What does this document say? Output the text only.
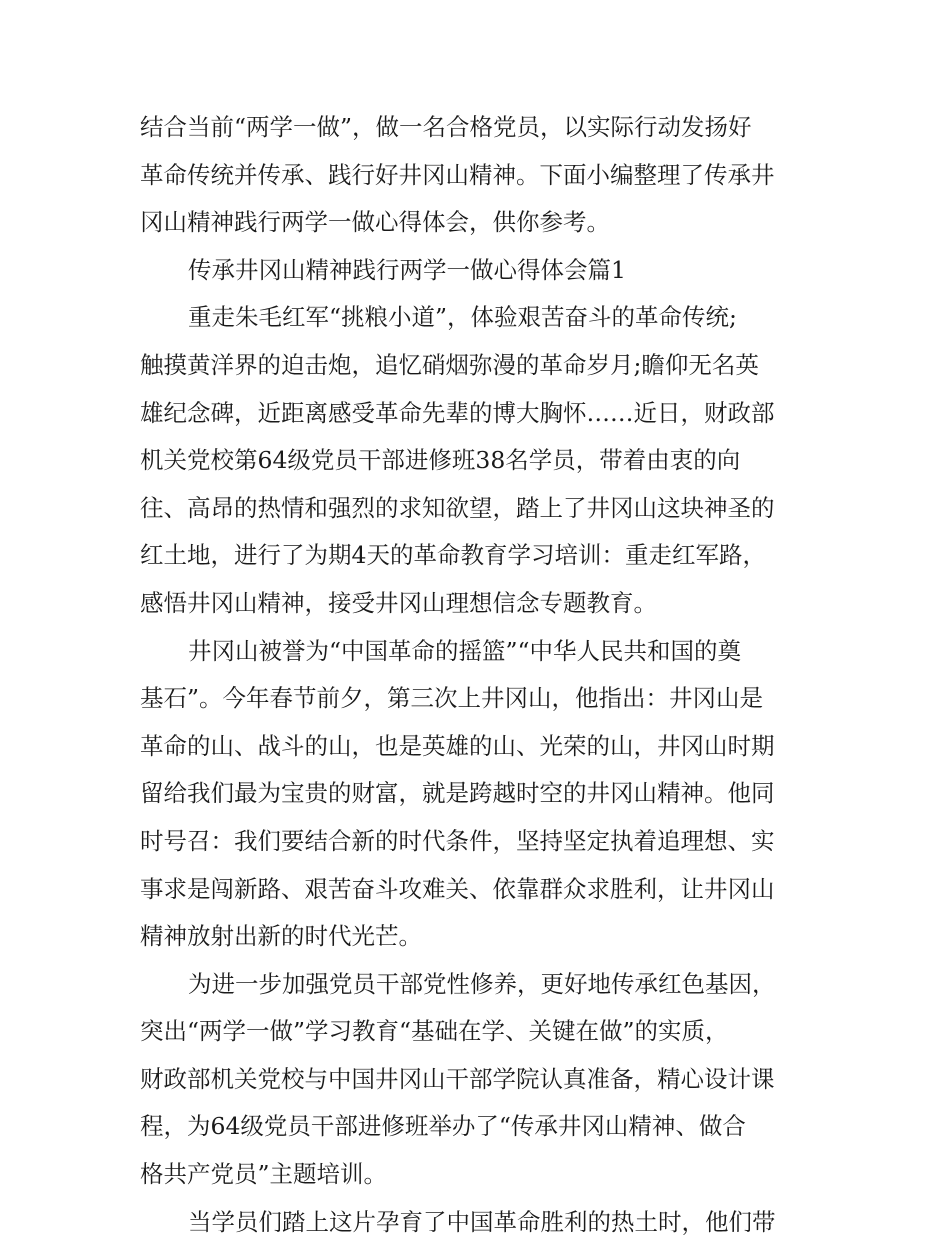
结合当前“两学一做”，做一名合格党员，以实际行动发扬好
革命传统并传承、践行好井冈山精神。下面小编整理了传承井
冈山精神践行两学一做心得体会，供你参考。
传承井冈山精神践行两学一做心得体会篇1
重走朱毛红军“挑粮小道”，体验艰苦奋斗的革命传统;
触摸黄洋界的迫击炮，追忆硝烟弥漫的革命岁月;瞻仰无名英
雄纪念碑，近距离感受革命先辈的博大胸怀……近日，财政部
机关党校第64级党员干部进修班38名学员，带着由衷的向
往、高昂的热情和强烈的求知欲望，踏上了井冈山这块神圣的
红土地，进行了为期4天的革命教育学习培训：重走红军路，
感悟井冈山精神，接受井冈山理想信念专题教育。
井冈山被誉为“中国革命的摇篮”“中华人民共和国的奠
基石”。今年春节前夕，第三次上井冈山，他指出：井冈山是
革命的山、战斗的山，也是英雄的山、光荣的山，井冈山时期
留给我们最为宝贵的财富，就是跨越时空的井冈山精神。他同
时号召：我们要结合新的时代条件，坚持坚定执着追理想、实
事求是闯新路、艰苦奋斗攻难关、依靠群众求胜利，让井冈山
精神放射出新的时代光芒。
为进一步加强党员干部党性修养，更好地传承红色基因，
突出“两学一做”学习教育“基础在学、关键在做”的实质，
财政部机关党校与中国井冈山干部学院认真准备，精心设计课
程，为64级党员干部进修班举办了“传承井冈山精神、做合
格共产党员”主题培训。
当学员们踏上这片孕育了中国革命胜利的热土时，他们带
